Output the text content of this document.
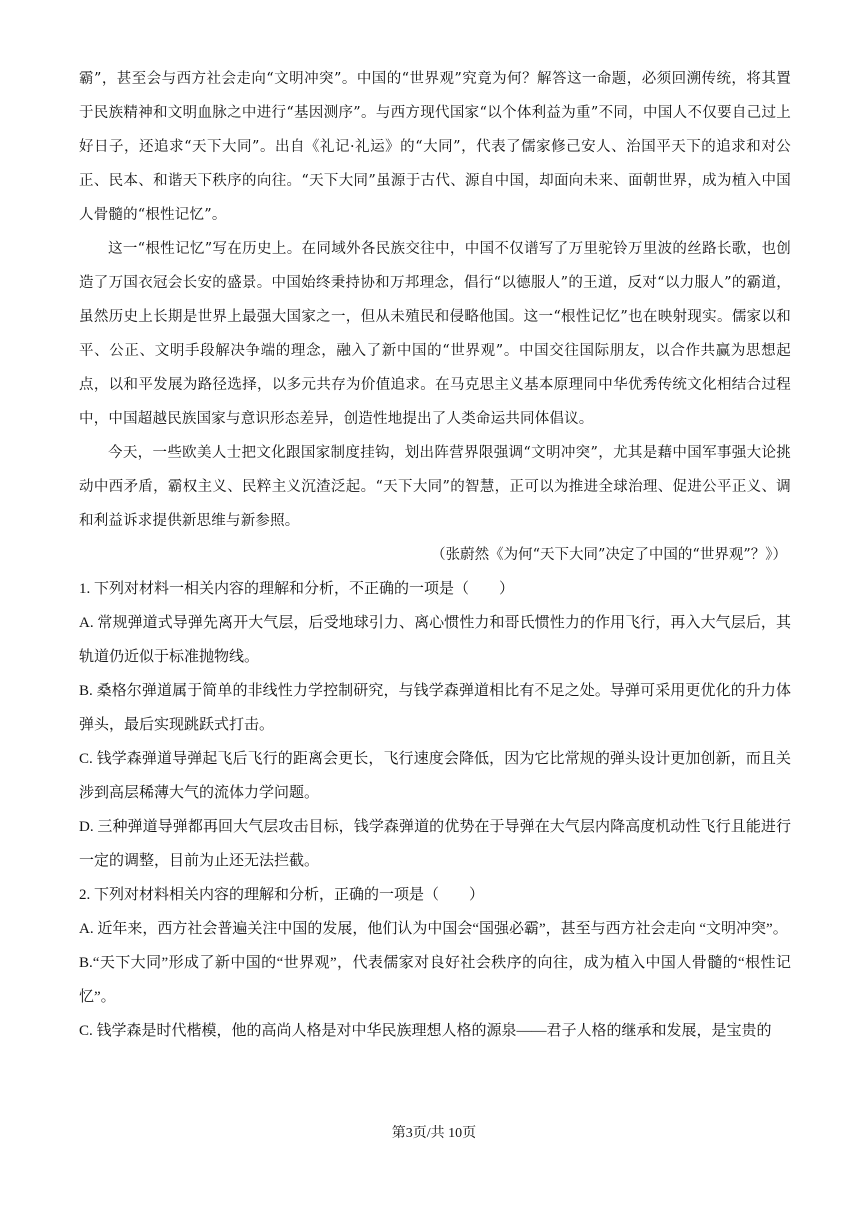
霸”，甚至会与西方社会走向“文明冲突”。中国的“世界观”究竟为何？解答这一命题，必须回溯传统，将其置于民族精神和文明血脉之中进行“基因测序”。与西方现代国家“以个体利益为重”不同，中国人不仅要自己过上好日子，还追求“天下大同”。出自《礼记·礼运》的“大同”，代表了儒家修己安人、治国平天下的追求和对公正、民本、和谐天下秩序的向往。“天下大同”虽源于古代、源自中国，却面向未来、面朝世界，成为植入中国人骨髓的“根性记忆”。

这一“根性记忆”写在历史上。在同域外各民族交往中，中国不仅谱写了万里驼铃万里波的丝路长歌，也创造了万国衣冠会长安的盛景。中国始终秉持协和万邦理念，倡行“以德服人”的王道，反对“以力服人”的霸道，虽然历史上长期是世界上最强大国家之一，但从未殖民和侵略他国。这一“根性记忆”也在映射现实。儒家以和平、公正、文明手段解决争端的理念，融入了新中国的“世界观”。中国交往国际朋友，以合作共赢为思想起点，以和平发展为路径选择，以多元共存为价值追求。在马克思主义基本原理同中华优秀传统文化相结合过程中，中国超越民族国家与意识形态差异，创造性地提出了人类命运共同体倡议。

今天，一些欧美人士把文化跟国家制度挂钩，划出阵营界限强调“文明冲突”，尤其是藉中国军事强大论挑动中西矛盾，霸权主义、民粹主义沉渣泛起。“天下大同”的智慧，正可以为推进全球治理、促进公平正义、调和利益诉求提供新思维与新参照。

（张蔚然《为何“天下大同”决定了中国的“世界观”？》）

1. 下列对材料一相关内容的理解和分析，不正确的一项是（　　）

A. 常规弹道式导弹先离开大气层，后受地球引力、离心惯性力和哥氏惯性力的作用飞行，再入大气层后，其轨道仍近似于标准抛物线。

B. 桑格尔弹道属于简单的非线性力学控制研究，与钱学森弹道相比有不足之处。导弹可采用更优化的升力体弹头，最后实现跳跃式打击。

C. 钱学森弹道导弹起飞后飞行的距离会更长，飞行速度会降低，因为它比常规的弹头设计更加创新，而且关涉到高层稀薄大气的流体力学问题。

D. 三种弹道导弹都再回大气层攻击目标，钱学森弹道的优势在于导弹在大气层内降高度机动性飞行且能进行一定的调整，目前为止还无法拦截。

2. 下列对材料相关内容的理解和分析，正确的一项是（　　）

A. 近年来，西方社会普遍关注中国的发展，他们认为中国会“国强必霸”，甚至与西方社会走向 “文明冲突”。

B.“天下大同”形成了新中国的“世界观”，代表儒家对良好社会秩序的向往，成为植入中国人骨髓的“根性记忆”。

C. 钱学森是时代楷模，他的高尚人格是对中华民族理想人格的源泉——君子人格的继承和发展，是宝贵的

第3页/共 10页
